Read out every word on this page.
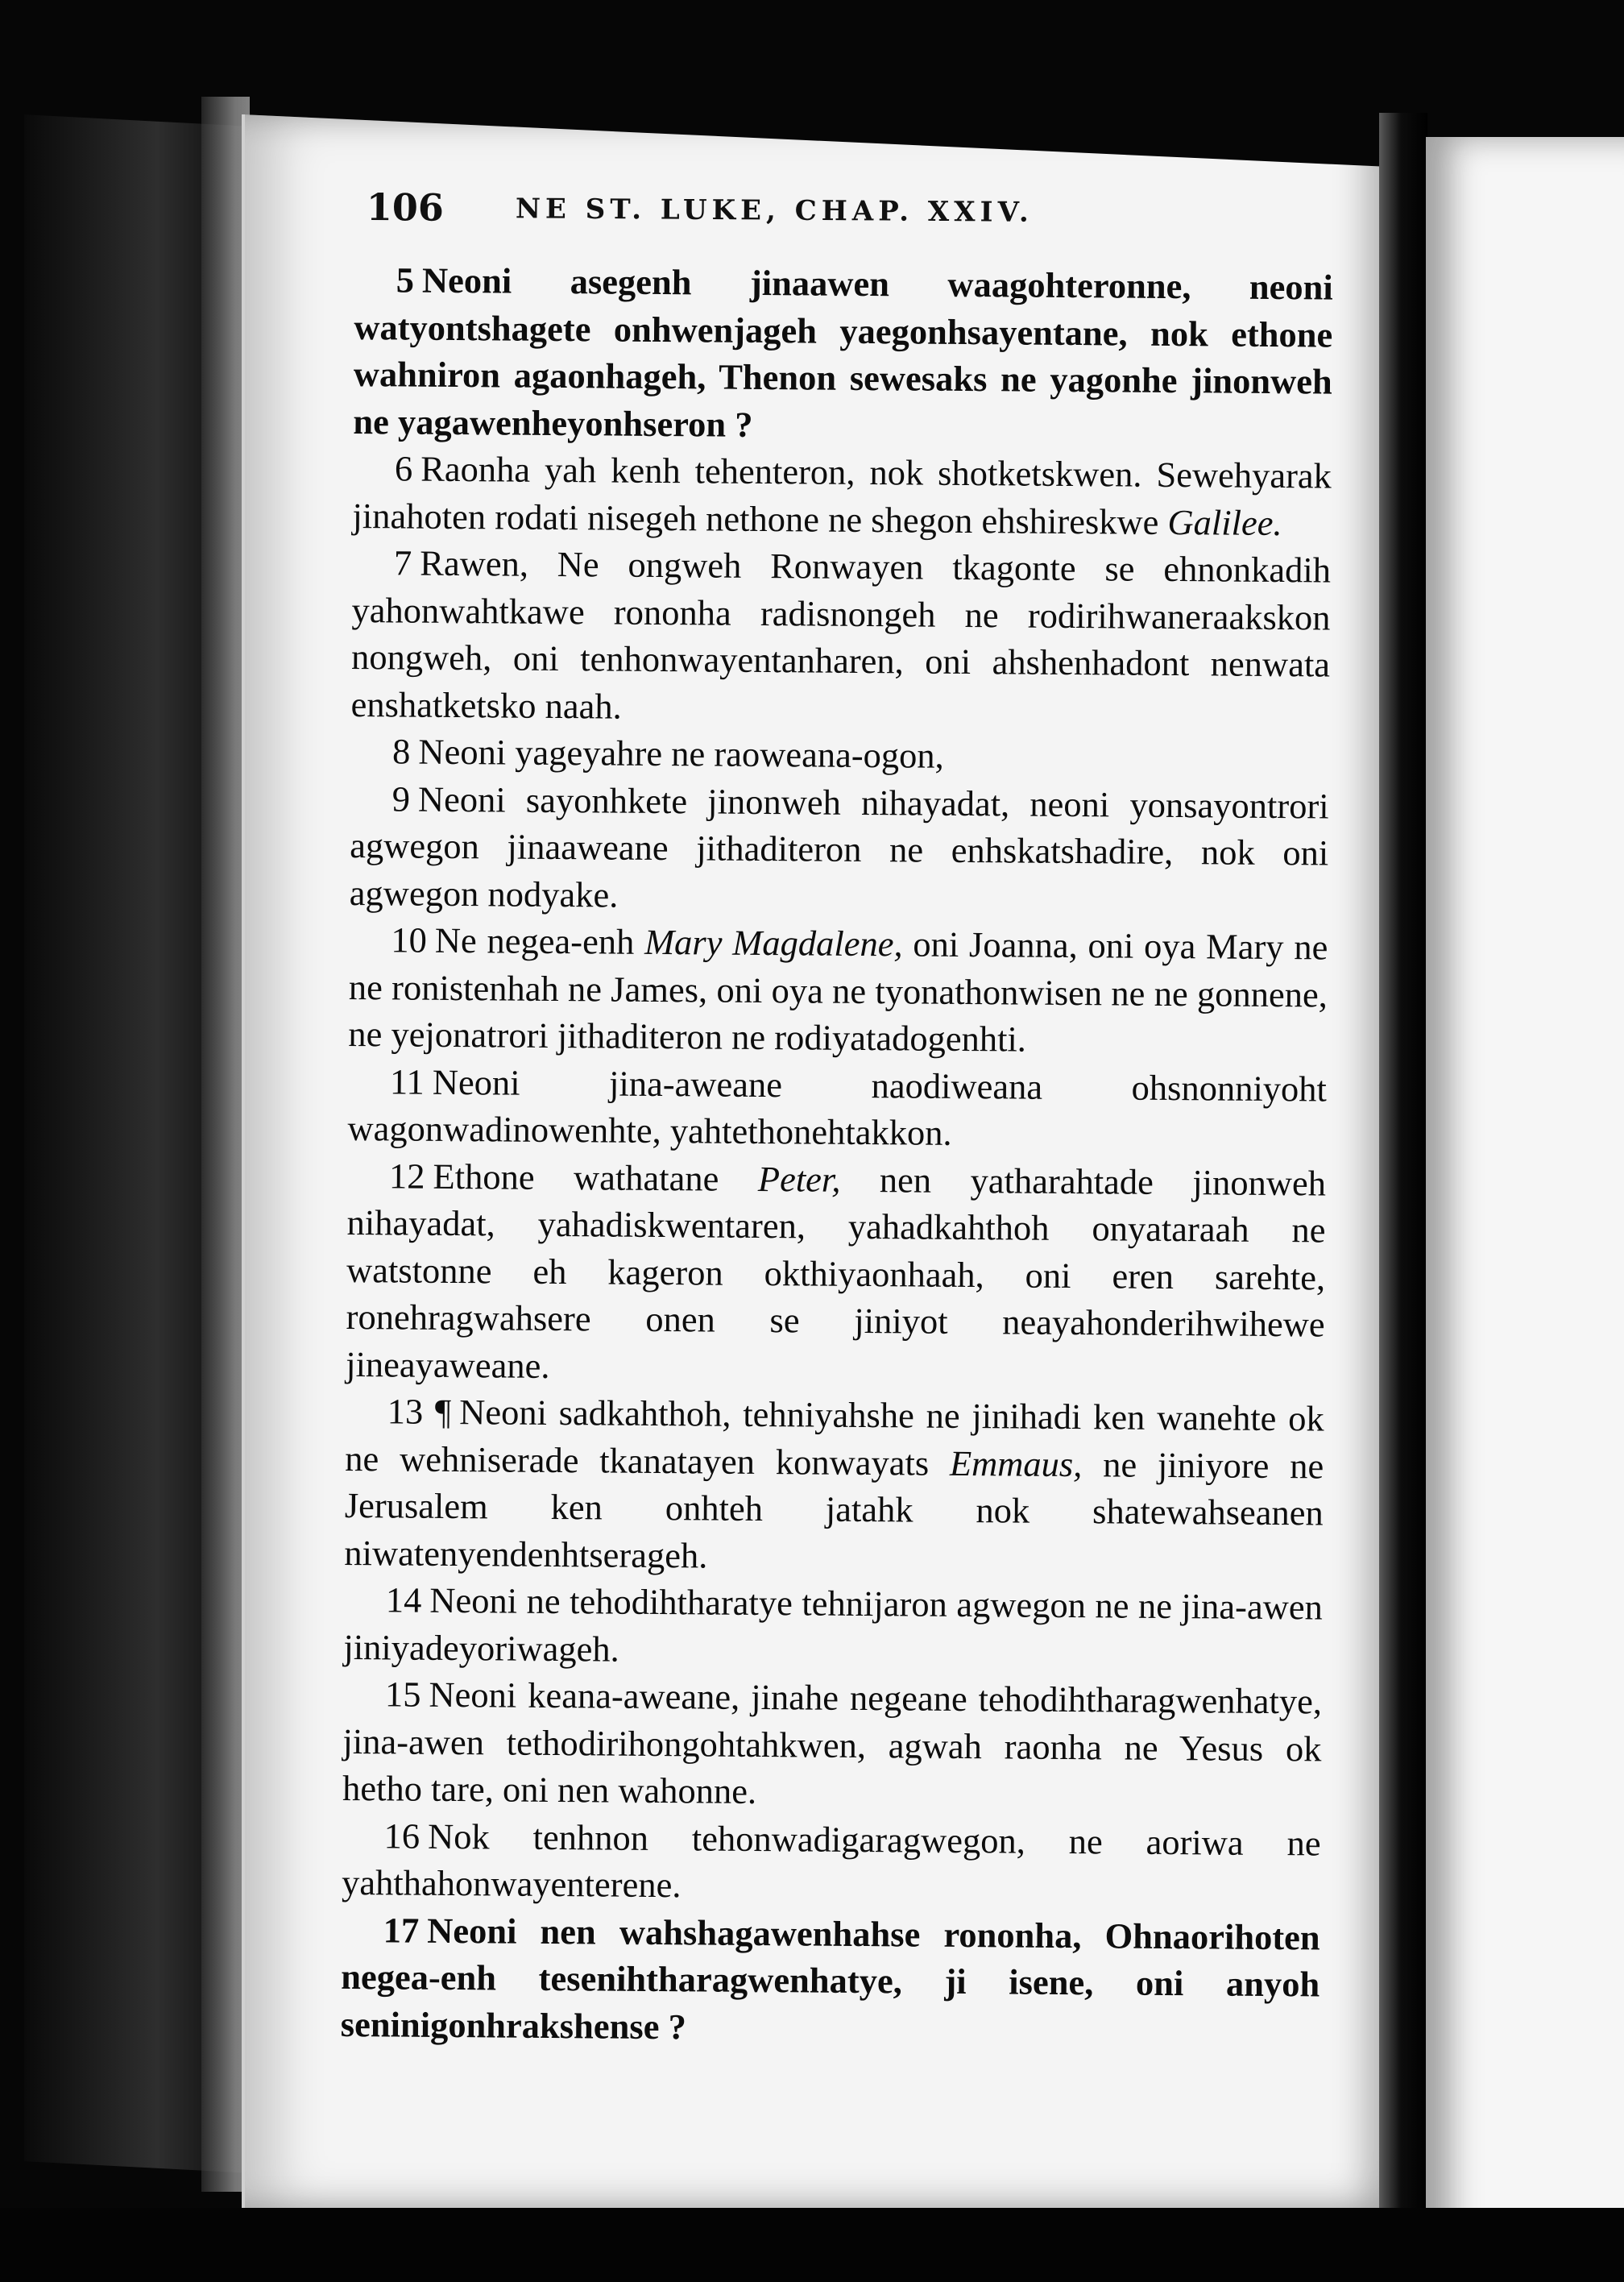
106	NE ST. LUKE, CHAP. XXIV.

5 Neoni asegenh jinaawen waagohteronne, neoni watyontshagete onhwenjageh yaegonhsayentane, nok ethone wahniron agaonhageh, Thenon sewesaks ne yagonhe jinonweh ne yagawenheyonhseron ?

6 Raonha yah kenh tehenteron, nok shotketskwen. Sewehyarak jinahoten rodati nisegeh nethone ne shegon ehshireskwe Galilee.

7 Rawen, Ne ongweh Ronwayen tkagonte se ehnonkadih yahonwahtkawe rononha radisnongeh ne rodirihwaneraakskon nongweh, oni tenhonwayentanharen, oni ahshenhadont nenwata enshatketsko naah.

8 Neoni yageyahre ne raoweana-ogon,

9 Neoni sayonhkete jinonweh nihayadat, neoni yonsayontrori agwegon jinaaweane jithaditeron ne enhskatshadire, nok oni agwegon nodyake.

10 Ne negea-enh Mary Magdalene, oni Joanna, oni oya Mary ne ne ronistenhah ne James, oni oya ne tyonathonwisen ne ne gonnene, ne yejonatrori jithaditeron ne rodiyatadogenhti.

11 Neoni jina-aweane naodiweana ohsnonniyoht wagonwadinowenhte, yahtethonehtakkon.

12 Ethone wathatane Peter, nen yatharahtade jinonweh nihayadat, yahadiskwentaren, yahadkahthoh onyataraah ne watstonne eh kageron okthiyaonhaah, oni eren sarehte, ronehragwahsere onen se jiniyot neayahonderihwihewe jineayaweane.

13 ¶ Neoni sadkahthoh, tehniyahshe ne jinihadi ken wanehte ok ne wehniserade tkanatayen konwayats Emmaus, ne jiniyore ne Jerusalem ken onhteh jatahk nok shatewahseanen niwatenyendenhtserageh.

14 Neoni ne tehodihtharatye tehnijaron agwegon ne ne jina-awen jiniyadeyoriwageh.

15 Neoni keana-aweane, jinahe negeane tehodihtharagwenhatye, jina-awen tethodirihongohtahkwen, agwah raonha ne Yesus ok hetho tare, oni nen wahonne.

16 Nok tenhnon tehonwadigaragwegon, ne aoriwa ne yahthahonwayenterene.

17 Neoni nen wahshagawenhahse rononha, Ohnaorihoten negea-enh tesenihtharagwenhatye, ji isene, oni anyoh seninigonhrakshense ?
